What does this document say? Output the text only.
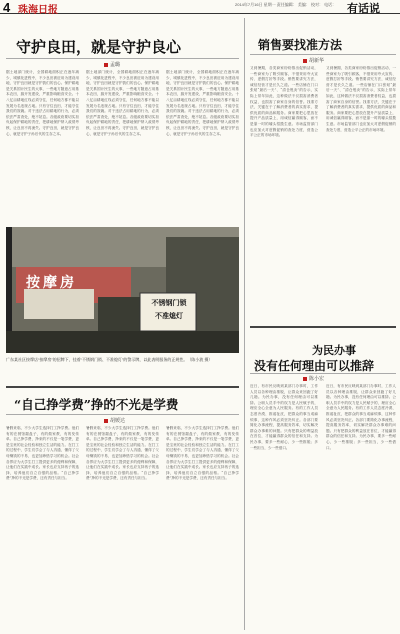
4 珠海日报
2014年7月16日 星期一 责任编辑： 美编： 校对： 电话： 有话说
守护良田，就是守护良心
孟璐
据土地部门统计，全国耕地面积正在逐年减少，城镇化进程中，不少良田被征用为建设用地，守护良田就是守护我们的良心。保护耕地是关系国计民生的大事，一些地方随意占用基本农田，搞开发建设，严重影响粮食安全。十八亿亩耕地红线必须守住，任何地方都不能以发展为名违规占地。只有守住良田，才能守住我们的饭碗。对于违法占用耕地的行为，必须依法严肃查处，绝不姑息。各级政府要切实担负起保护耕地的责任，把耕地保护纳入政绩考核，让良田不再流失。守护良田，就是守护良心，就是守护子孙后代的生存之本。
据土地部门统计，全国耕地面积正在逐年减少，城镇化进程中，不少良田被征用为建设用地，守护良田就是守护我们的良心。保护耕地是关系国计民生的大事，一些地方随意占用基本农田，搞开发建设，严重影响粮食安全。十八亿亩耕地红线必须守住，任何地方都不能以发展为名违规占地。只有守住良田，才能守住我们的饭碗。对于违法占用耕地的行为，必须依法严肃查处，绝不姑息。各级政府要切实担负起保护耕地的责任，把耕地保护纳入政绩考核，让良田不再流失。守护良田，就是守护良心，就是守护子孙后代的生存之本。
据土地部门统计，全国耕地面积正在逐年减少，城镇化进程中，不少良田被征用为建设用地，守护良田就是守护我们的良心。保护耕地是关系国计民生的大事，一些地方随意占用基本农田，搞开发建设，严重影响粮食安全。十八亿亩耕地红线必须守住，任何地方都不能以发展为名违规占地。只有守住良田，才能守住我们的饭碗。对于违法占用耕地的行为，必须依法严肃查处，绝不姑息。各级政府要切实担负起保护耕地的责任，把耕地保护纳入政绩考核，让良田不再流失。守护良田，就是守护良心，就是守护子孙后代的生存之本。
按摩房
不锈钢门锁
不准熄灯
广东某社区按摩店“按摩房”的招牌下，挂着“不锈钢门锁、不准熄灯”的警示牌，以此表明服务的正规性。（陈小波 摄）
销售要找准方法
胡新华
又到暑期，各类商家纷纷推出促销活动，一些商家为了吸引顾客，不惜采用夸大宣传、虚假打折等手段。销售要讲究方法，诚信经营才是长久之道。一些店铺在门口张贴“最后一天”、“清仓甩卖”的告示，实际上常年如此，这种做法不仅损害消费者权益，也损害了商家自身的信誉。找准方法，关键在于了解消费者的真实需求，提供优质的商品和服务。商家要把心思放在提升产品质量上，用诚信赢得顾客，而不是靠一时的噱头招揽生意。市场监管部门也应加大对虚假促销的查处力度，营造公平公正的市场环境。
又到暑期，各类商家纷纷推出促销活动，一些商家为了吸引顾客，不惜采用夸大宣传、虚假打折等手段。销售要讲究方法，诚信经营才是长久之道。一些店铺在门口张贴“最后一天”、“清仓甩卖”的告示，实际上常年如此，这种做法不仅损害消费者权益，也损害了商家自身的信誉。找准方法，关键在于了解消费者的真实需求，提供优质的商品和服务。商家要把心思放在提升产品质量上，用诚信赢得顾客，而不是靠一时的噱头招揽生意。市场监管部门也应加大对虚假促销的查处力度，营造公平公正的市场环境。
为民办事
没有任何理由可以推辞
陈小宏
近日，有市民反映到某部门办事时，工作人员以各种理由推脱，让群众来回跑了好几趟。为民办事，没有任何理由可以推辞。公职人员手中的权力是人民赋予的，理应全心全意为人民服务。有的工作人员态度冷漠、推诿扯皮，把群众的事当成麻烦事，这种作风必须坚决纠正。各部门要简化办事流程，提高服务效率，切实解决群众办事难的问题。只有把群众的利益放在首位，才能赢得群众的信任和支持。为民办事，要多一些耐心，少一些推脱；多一些担当，少一些借口。
近日，有市民反映到某部门办事时，工作人员以各种理由推脱，让群众来回跑了好几趟。为民办事，没有任何理由可以推辞。公职人员手中的权力是人民赋予的，理应全心全意为人民服务。有的工作人员态度冷漠、推诿扯皮，把群众的事当成麻烦事，这种作风必须坚决纠正。各部门要简化办事流程，提高服务效率，切实解决群众办事难的问题。只有把群众的利益放在首位，才能赢得群众的信任和支持。为民办事，要多一些耐心，少一些推脱；多一些担当，少一些借口。
“自己挣学费”挣的不光是学费
胡媛达
暑假来临，不少大学生选择打工挣学费。他们有的在餐馆端盘子，有的做家教，有的发传单。自己挣学费，挣来的不仅是一笔学费，更是宝贵的社会经验和独立生活的能力。在打工的过程中，学生们学会了与人沟通，懂得了父母赚钱的不易，也更加珍惜学习的机会。社会各界应为大学生打工提供更多的便利和保障，让他们在实践中成长。家长也应支持孩子的选择，培养他们自立自强的品格。“自己挣学费”挣的不光是学费，还有责任与担当。
暑假来临，不少大学生选择打工挣学费。他们有的在餐馆端盘子，有的做家教，有的发传单。自己挣学费，挣来的不仅是一笔学费，更是宝贵的社会经验和独立生活的能力。在打工的过程中，学生们学会了与人沟通，懂得了父母赚钱的不易，也更加珍惜学习的机会。社会各界应为大学生打工提供更多的便利和保障，让他们在实践中成长。家长也应支持孩子的选择，培养他们自立自强的品格。“自己挣学费”挣的不光是学费，还有责任与担当。
暑假来临，不少大学生选择打工挣学费。他们有的在餐馆端盘子，有的做家教，有的发传单。自己挣学费，挣来的不仅是一笔学费，更是宝贵的社会经验和独立生活的能力。在打工的过程中，学生们学会了与人沟通，懂得了父母赚钱的不易，也更加珍惜学习的机会。社会各界应为大学生打工提供更多的便利和保障，让他们在实践中成长。家长也应支持孩子的选择，培养他们自立自强的品格。“自己挣学费”挣的不光是学费，还有责任与担当。
